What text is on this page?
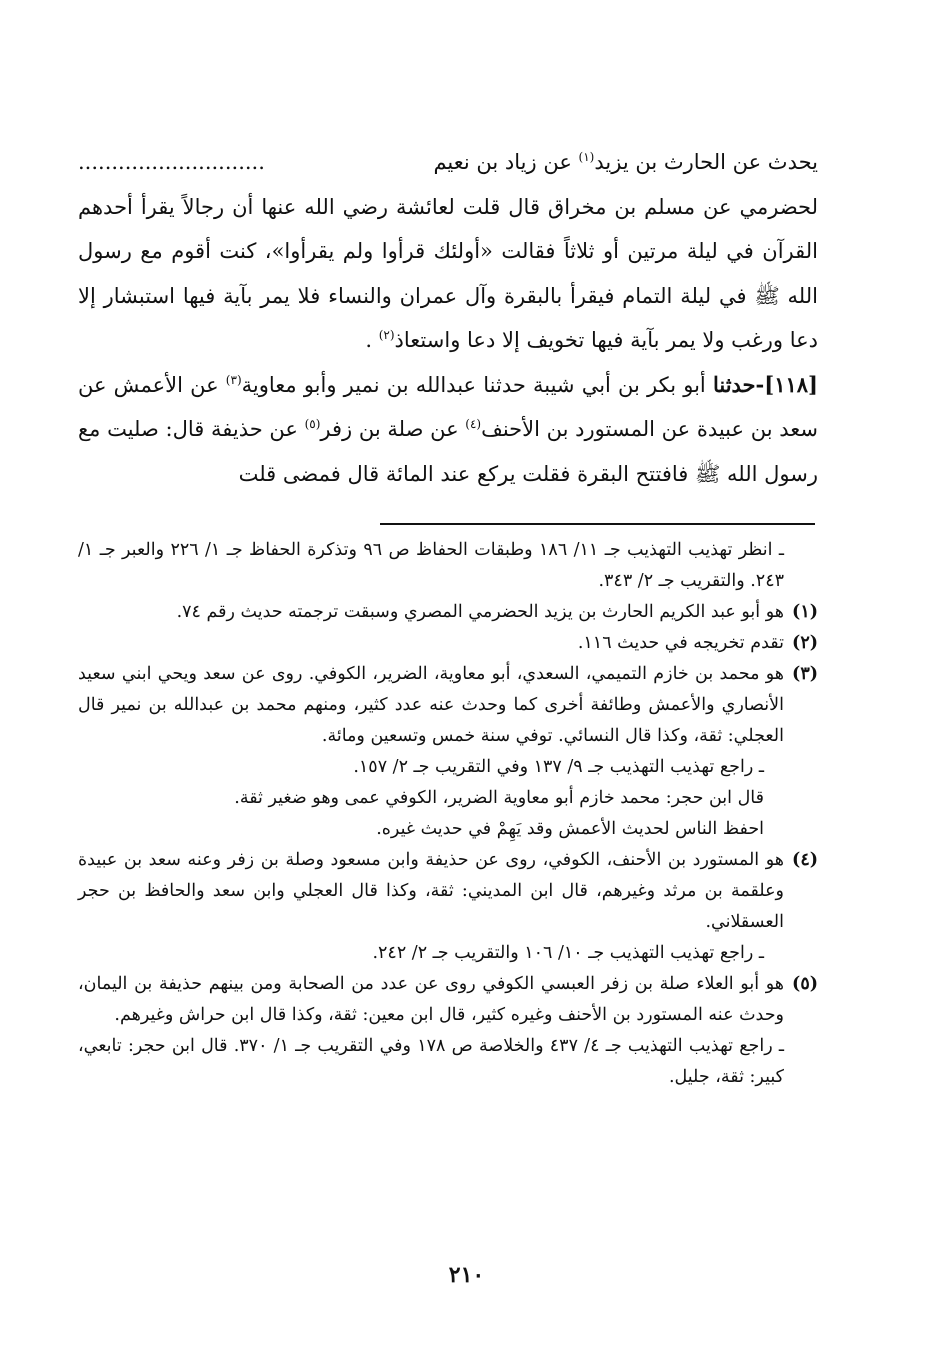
............................	يحدث عن الحارث بن يزيد$^{(١)}$ عن زياد بن نعيم

لحضرمي عن مسلم بن مخراق قال قلت لعائشة رضي الله عنها أن رجالاً يقرأ أحدهم القرآن في ليلة مرتين أو ثلاثاً فقالت «أولئك قرأوا ولم يقرأوا»، كنت أقوم مع رسول الله ﷺ في ليلة التمام فيقرأ بالبقرة وآل عمران والنساء فلا يمر بآية فيها استبشار إلا دعا ورغب ولا يمر بآية فيها تخويف إلا دعا واستعاذ$^{(٢)}$ .

[١١٨]-حدثنا أبو بكر بن أبي شيبة حدثنا عبدالله بن نمير وأبو معاوية$^{(٣)}$ عن الأعمش عن سعد بن عبيدة عن المستورد بن الأحنف$^{(٤)}$ عن صلة بن زفر$^{(٥)}$ عن حذيفة قال: صليت مع رسول الله ﷺ فافتتح البقرة فقلت يركع عند المائة قال فمضى قلت

ـ انظر تهذيب التهذيب جـ ١١/ ١٨٦ وطبقات الحفاظ ص ٩٦ وتذكرة الحفاظ جـ ١/ ٢٢٦ والعبر جـ ١/ ٢٤٣. والتقريب جـ ٢/ ٣٤٣.
(١)
هو أبو عبد الكريم الحارث بن يزيد الحضرمي المصري وسبقت ترجمته حديث رقم ٧٤.
(٢)
تقدم تخريجه في حديث ١١٦.
(٣)
هو محمد بن خازم التميمي، السعدي، أبو معاوية، الضرير، الكوفي. روى عن سعد ويحي ابني سعيد الأنصاري والأعمش وطائفة أخرى كما وحدث عنه عدد كثير، ومنهم محمد بن عبدالله بن نمير قال العجلي: ثقة، وكذا قال النسائي. توفي سنة خمس وتسعين ومائة.
ـ راجع تهذيب التهذيب جـ ٩/ ١٣٧ وفي التقريب جـ ٢/ ١٥٧.
قال ابن حجر: محمد خازم أبو معاوية الضرير، الكوفي عمى وهو ضغير ثقة.
احفظ الناس لحديث الأعمش وقد يَهِمْ في حديث غيره.
(٤)
هو المستورد بن الأحنف، الكوفي، روى عن حذيفة وابن مسعود وصلة بن زفر وعنه سعد بن عبيدة وعلقمة بن مرثد وغيرهم، قال ابن المديني: ثقة، وكذا قال العجلي وابن سعد والحافظ بن حجر العسقلاني.
ـ راجع تهذيب التهذيب جـ ١٠/ ١٠٦ والتقريب جـ ٢/ ٢٤٢.
(٥)
هو أبو العلاء صلة بن زفر العبسي الكوفي روى عن عدد من الصحابة ومن بينهم حذيفة بن اليمان، وحدث عنه المستورد بن الأحنف وغيره كثير، قال ابن معين: ثقة، وكذا قال ابن حراش وغيرهم.
ـ راجع تهذيب التهذيب جـ ٤/ ٤٣٧ والخلاصة ص ١٧٨ وفي التقريب جـ ١/ ٣٧٠. قال ابن حجر: تابعي، كبير: ثقة، جليل.
٢١٠
